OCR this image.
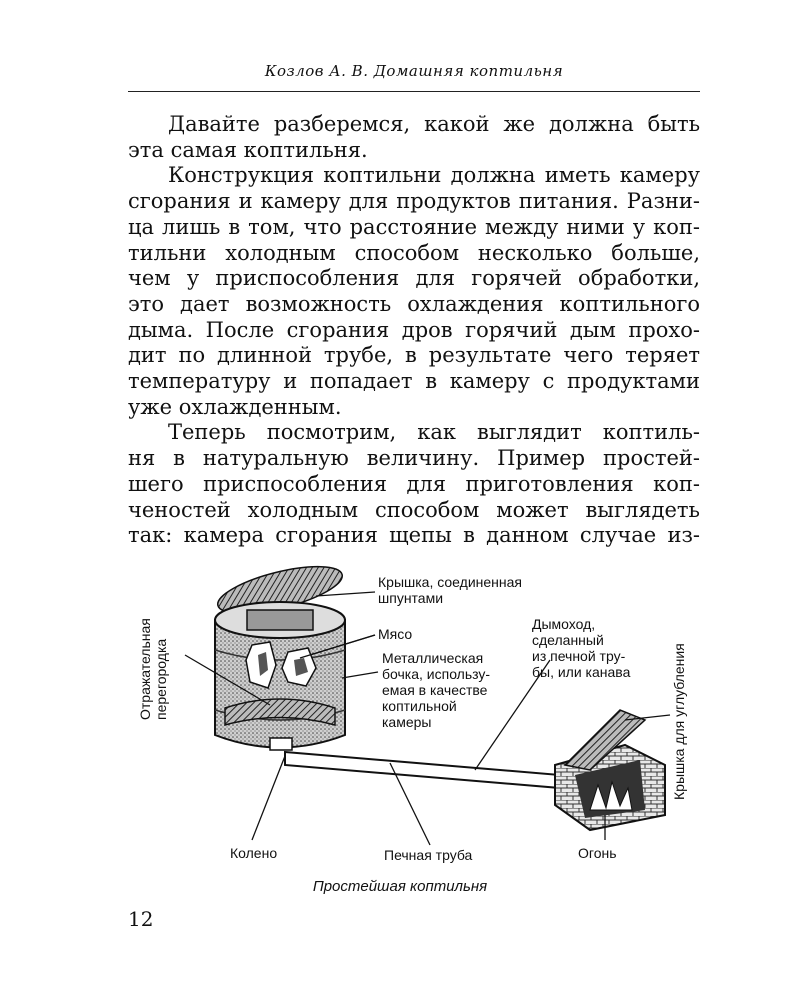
Козлов А. В. Домашняя коптильня

Давайте разберемся, какой же должна быть
эта самая коптильня.

Конструкция коптильни должна иметь камеру
сгорания и камеру для продуктов питания. Разни-
ца лишь в том, что расстояние между ними у коп-
тильни холодным способом несколько больше,
чем у приспособления для горячей обработки,
это дает возможность охлаждения коптильного
дыма. После сгорания дров горячий дым прохо-
дит по длинной трубе, в результате чего теряет
температуру и попадает в камеру с продуктами
уже охлажденным.

Теперь посмотрим, как выглядит коптиль-
ня в натуральную величину. Пример простей-
шего приспособления для приготовления коп-
ченостей холодным способом может выглядеть
так: камера сгорания щепы в данном случае из-

Крышка, соединенная
шпунтами
Мясо
Металлическая
бочка, использу-
емая в качестве
коптильной
камеры
Дымоход,
сделанный
из печной тру-
бы, или канава
Отражательная перегородка	Крышка для углубления
Колено	Печная труба	Огонь
Простейшая коптильня
12
